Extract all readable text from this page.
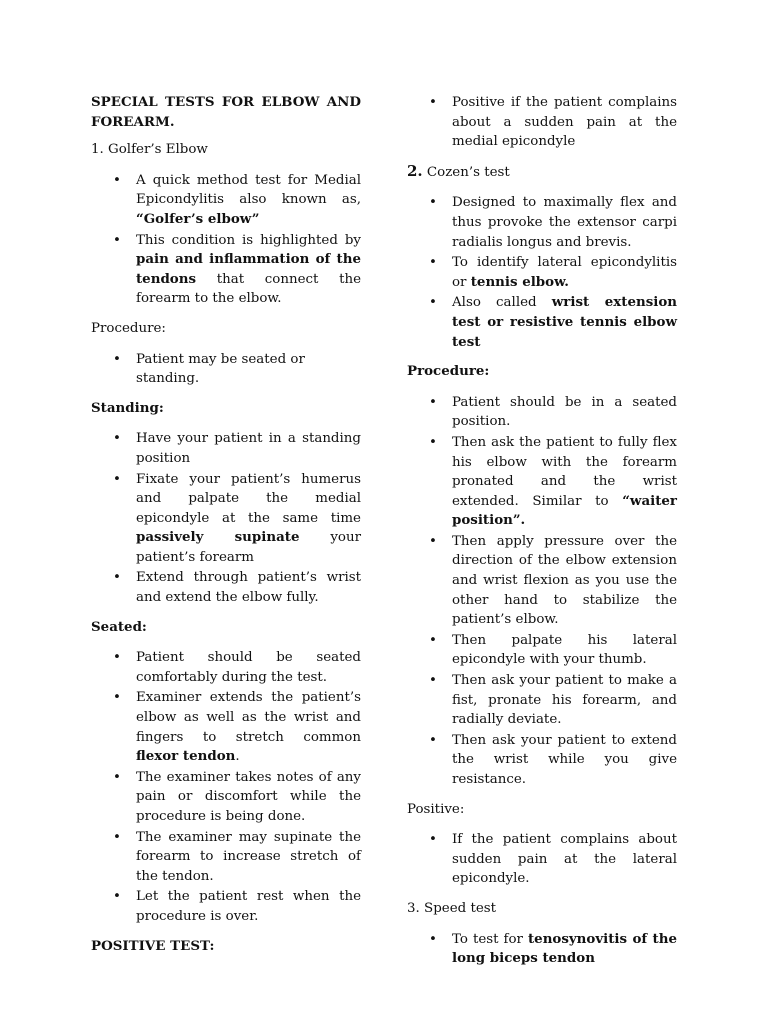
SPECIAL TESTS FOR ELBOW AND FOREARM.

1. Golfer’s Elbow

• A quick method test for Medial Epicondylitis also known as, “Golfer’s elbow”
• This condition is highlighted by pain and inflammation of the tendons that connect the forearm to the elbow.

Procedure:

• Patient may be seated or standing.

Standing:

• Have your patient in a standing position
• Fixate your patient’s humerus and palpate the medial epicondyle at the same time passively supinate your patient’s forearm
• Extend through patient’s wrist and extend the elbow fully.

Seated:

• Patient should be seated comfortably during the test.
• Examiner extends the patient’s elbow as well as the wrist and fingers to stretch common flexor tendon.
• The examiner takes notes of any pain or discomfort while the procedure is being done.
• The examiner may supinate the forearm to increase stretch of the tendon.
• Let the patient rest when the procedure is over.

POSITIVE TEST:

• Positive if the patient complains about a sudden pain at the medial epicondyle

2. Cozen’s test

• Designed to maximally flex and thus provoke the extensor carpi radialis longus and brevis.
• To identify lateral epicondylitis or tennis elbow.
• Also called wrist extension test or resistive tennis elbow test

Procedure:

• Patient should be in a seated position.
• Then ask the patient to fully flex his elbow with the forearm pronated and the wrist extended. Similar to “waiter position”.
• Then apply pressure over the direction of the elbow extension and wrist flexion as you use the other hand to stabilize the patient’s elbow.
• Then palpate his lateral epicondyle with your thumb.
• Then ask your patient to make a fist, pronate his forearm, and radially deviate.
• Then ask your patient to extend the wrist while you give resistance.

Positive:

• If the patient complains about sudden pain at the lateral epicondyle.

3. Speed test

• To test for tenosynovitis of the long biceps tendon
